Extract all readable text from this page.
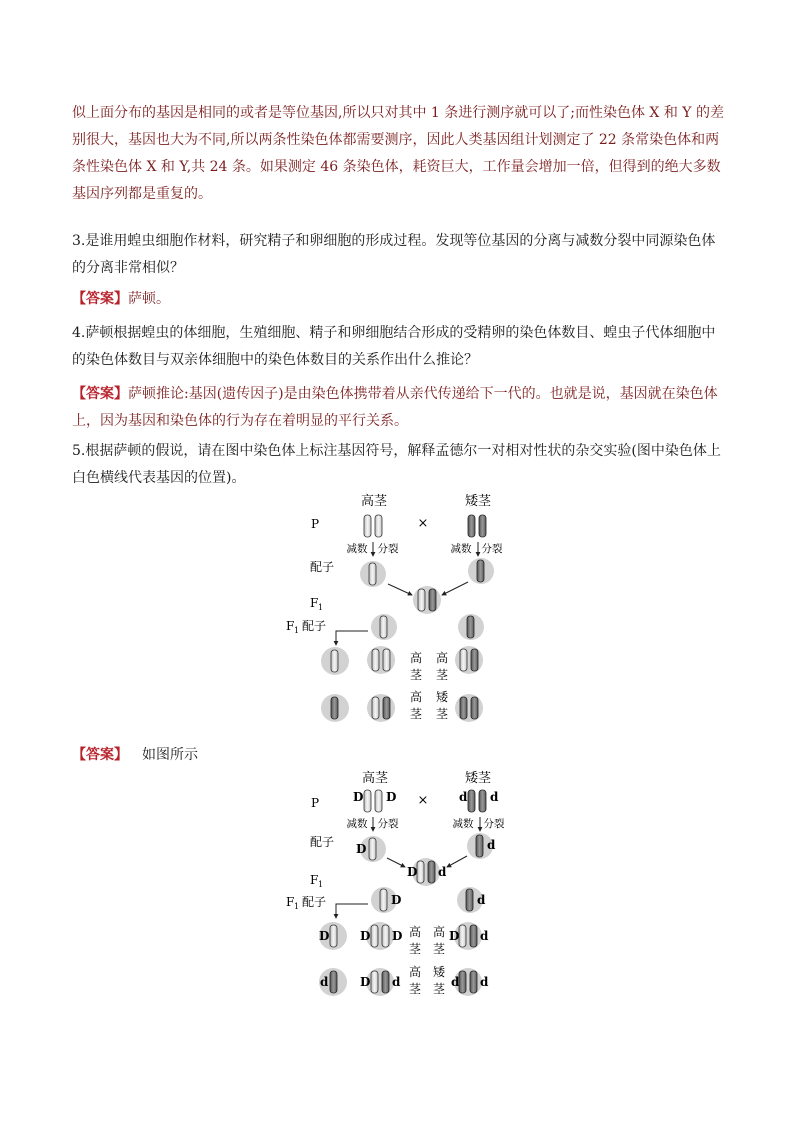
似上面分布的基因是相同的或者是等位基因,所以只对其中 1 条进行测序就可以了;而性染色体 X 和 Y 的差别很大，基因也大为不同,所以两条性染色体都需要测序，因此人类基因组计划测定了 22 条常染色体和两条性染色体 X 和 Y,共 24 条。如果测定 46 条染色体，耗资巨大，工作量会增加一倍，但得到的绝大多数基因序列都是重复的。
3.是谁用蝗虫细胞作材料，研究精子和卵细胞的形成过程。发现等位基因的分离与减数分裂中同源染色体的分离非常相似？
【答案】萨顿。
4.萨顿根据蝗虫的体细胞，生殖细胞、精子和卵细胞结合形成的受精卵的染色体数目、蝗虫子代体细胞中的染色体数目与双亲体细胞中的染色体数目的关系作出什么推论？
【答案】萨顿推论:基因(遗传因子)是由染色体携带着从亲代传递给下一代的。也就是说，基因就在染色体上，因为基因和染色体的行为存在着明显的平行关系。
5.根据萨顿的假说，请在图中染色体上标注基因符号，解释孟德尔一对相对性状的杂交实验(图中染色体上白色横线代表基因的位置)。
高茎	矮茎
P	×
减数 分裂	减数 分裂
配子
F 1
F 1 配子
高
茎
高
茎
高
茎
矮
茎
【答案】 如图所示
高茎	矮茎
P	×
D D	d d
减数 分裂	减数 分裂
配子 D	d
D d
F 1
F 1 配子	D	d
D	D D 高
茎
高
茎
D d
d	D d
高
茎
矮
茎 d d
